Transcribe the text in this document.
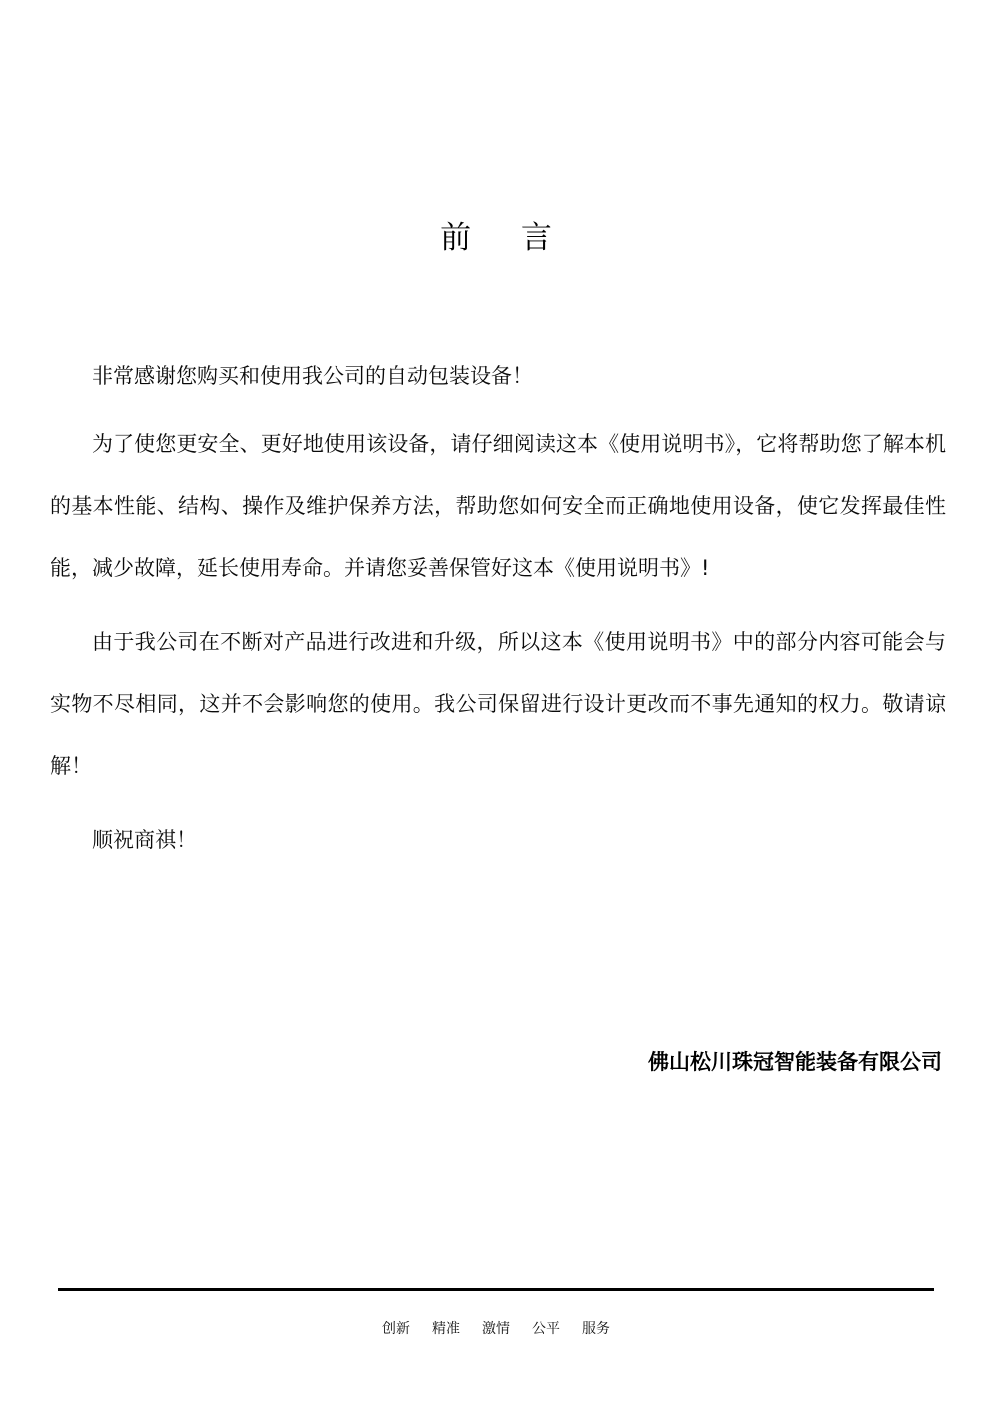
前 言

非常感谢您购买和使用我公司的自动包装设备！

为了使您更安全、更好地使用该设备，请仔细阅读这本《使用说明书》，它将帮助您了解本机的基本性能、结构、操作及维护保养方法，帮助您如何安全而正确地使用设备，使它发挥最佳性能，减少故障，延长使用寿命。并请您妥善保管好这本《使用说明书》!

由于我公司在不断对产品进行改进和升级，所以这本《使用说明书》中的部分内容可能会与实物不尽相同，这并不会影响您的使用。我公司保留进行设计更改而不事先通知的权力。敬请谅解！

顺祝商祺！

佛山松川珠冠智能装备有限公司
创新 精准 激情 公平 服务
